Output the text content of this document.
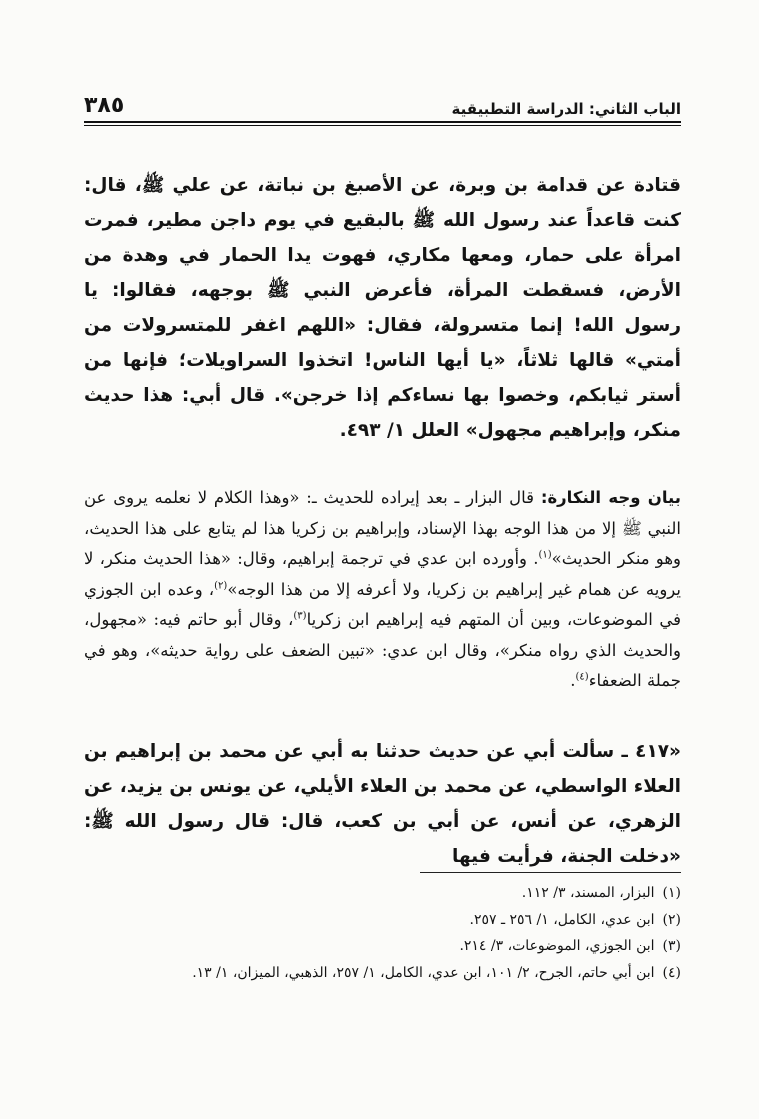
الباب الثاني: الدراسة التطبيقية
٣٨٥

قتادة عن قدامة بن وبرة، عن الأصبغ بن نباتة، عن علي ﷺ، قال: كنت قاعداً عند رسول الله ﷺ بالبقيع في يوم داجن مطير، فمرت امرأة على حمار، ومعها مكاري، فهوت يدا الحمار في وهدة من الأرض، فسقطت المرأة، فأعرض النبي ﷺ بوجهه، فقالوا: يا رسول الله! إنما متسرولة، فقال: «اللهم اغفر للمتسرولات من أمتي» قالها ثلاثاً، «يا أيها الناس! اتخذوا السراويلات؛ فإنها من أستر ثيابكم، وخصوا بها نساءكم إذا خرجن». قال أبي: هذا حديث منكر، وإبراهيم مجهول» العلل ١/ ٤٩٣.

بيان وجه النكارة: قال البزار ـ بعد إيراده للحديث ـ: «وهذا الكلام لا نعلمه يروى عن النبي ﷺ إلا من هذا الوجه بهذا الإسناد، وإبراهيم بن زكريا هذا لم يتابع على هذا الحديث، وهو منكر الحديث»$^{(١)}$. وأورده ابن عدي في ترجمة إبراهيم، وقال: «هذا الحديث منكر، لا يرويه عن همام غير إبراهيم بن زكريا، ولا أعرفه إلا من هذا الوجه»$^{(٢)}$، وعده ابن الجوزي في الموضوعات، وبين أن المتهم فيه إبراهيم ابن زكريا$^{(٣)}$، وقال أبو حاتم فيه: «مجهول، والحديث الذي رواه منكر»، وقال ابن عدي: «تبين الضعف على رواية حديثه»، وهو في جملة الضعفاء$^{(٤)}$.

«٤١٧ ـ سألت أبي عن حديث حدثنا به أبي عن محمد بن إبراهيم بن العلاء الواسطي، عن محمد بن العلاء الأيلي، عن يونس بن يزيد، عن الزهري، عن أنس، عن أبي بن كعب، قال: قال رسول الله ﷺ: «دخلت الجنة، فرأيت فيها

(١)البزار، المسند، ٣/ ١١٢.
(٢)ابن عدي، الكامل، ١/ ٢٥٦ ـ ٢٥٧.
(٣)ابن الجوزي، الموضوعات، ٣/ ٢١٤.
(٤)ابن أبي حاتم، الجرح، ٢/ ١٠١، ابن عدي، الكامل، ١/ ٢٥٧، الذهبي، الميزان، ١/ ١٣.
